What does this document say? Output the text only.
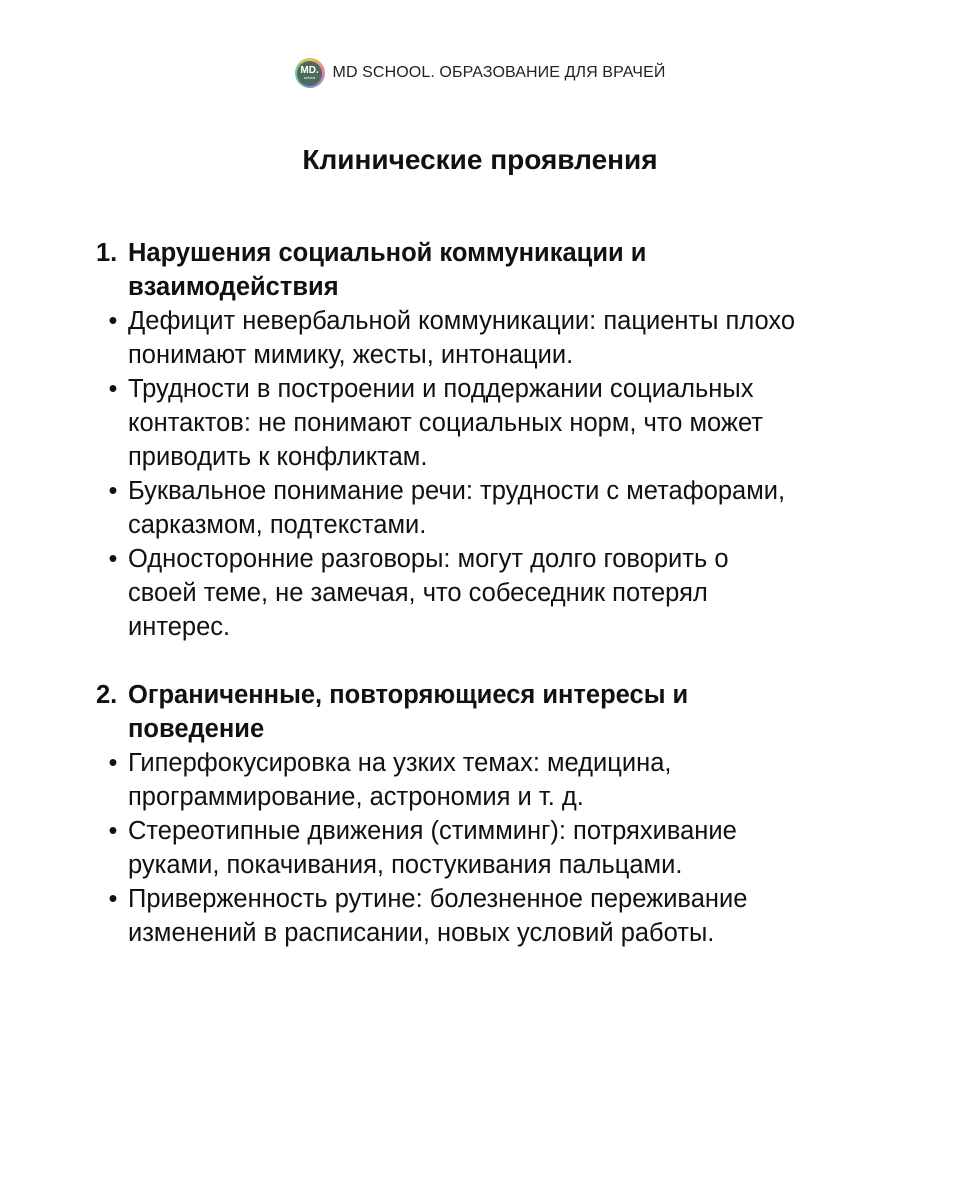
MD.
school MD SCHOOL. ОБРАЗОВАНИЕ ДЛЯ ВРАЧЕЙ
Клинические проявления
1. Нарушения социальной коммуникации и
взаимодействия
• Дефицит невербальной коммуникации: пациенты плохо
понимают мимику, жесты, интонации.
• Трудности в построении и поддержании социальных
контактов: не понимают социальных норм, что может
приводить к конфликтам.
• Буквальное понимание речи: трудности с метафорами,
сарказмом, подтекстами.
• Односторонние разговоры: могут долго говорить о
своей теме, не замечая, что собеседник потерял
интерес.
2. Ограниченные, повторяющиеся интересы и
поведение
• Гиперфокусировка на узких темах: медицина,
программирование, астрономия и т. д.
• Стереотипные движения (стимминг): потряхивание
руками, покачивания, постукивания пальцами.
• Приверженность рутине: болезненное переживание
изменений в расписании, новых условий работы.
